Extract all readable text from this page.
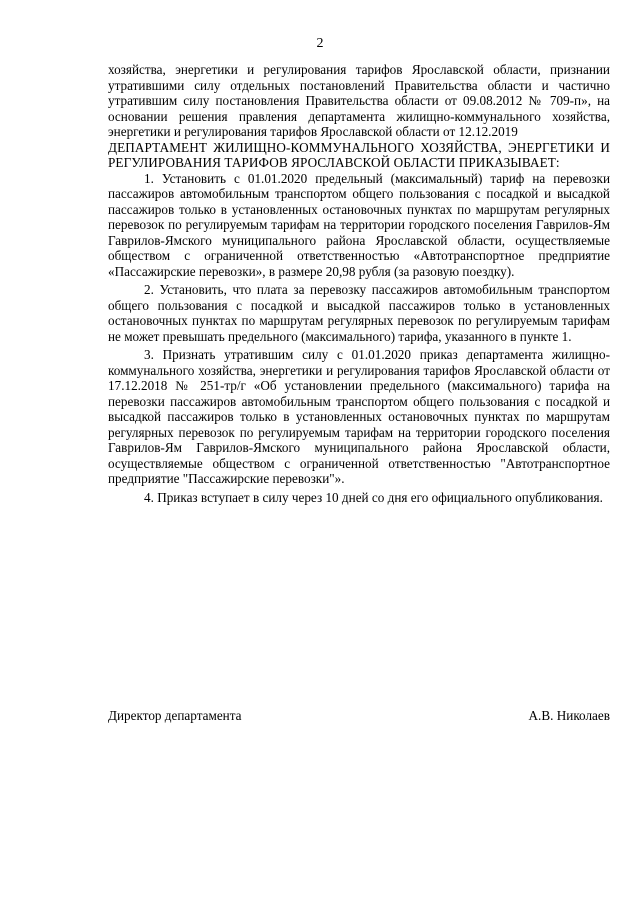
2

хозяйства, энергетики и регулирования тарифов Ярославской области, признании утратившими силу отдельных постановлений Правительства области и частично утратившим силу постановления Правительства области от 09.08.2012 № 709-п», на основании решения правления департамента жилищно-коммунального хозяйства, энергетики и регулирования тарифов Ярославской области от 12.12.2019

ДЕПАРТАМЕНТ ЖИЛИЩНО-КОММУНАЛЬНОГО ХОЗЯЙСТВА, ЭНЕРГЕТИКИ И РЕГУЛИРОВАНИЯ ТАРИФОВ ЯРОСЛАВСКОЙ ОБЛАСТИ ПРИКАЗЫВАЕТ:

1. Установить с 01.01.2020 предельный (максимальный) тариф на перевозки пассажиров автомобильным транспортом общего пользования с посадкой и высадкой пассажиров только в установленных остановочных пунктах по маршрутам регулярных перевозок по регулируемым тарифам на территории городского поселения Гаврилов-Ям Гаврилов-Ямского муниципального района Ярославской области, осуществляемые обществом с ограниченной ответственностью «Автотранспортное предприятие «Пассажирские перевозки», в размере 20,98 рубля (за разовую поездку).

2. Установить, что плата за перевозку пассажиров автомобильным транспортом общего пользования с посадкой и высадкой пассажиров только в установленных остановочных пунктах по маршрутам регулярных перевозок по регулируемым тарифам не может превышать предельного (максимального) тарифа, указанного в пункте 1.

3. Признать утратившим силу с 01.01.2020 приказ департамента жилищно-коммунального хозяйства, энергетики и регулирования тарифов Ярославской области от 17.12.2018 № 251-тр/г «Об установлении предельного (максимального) тарифа на перевозки пассажиров автомобильным транспортом общего пользования с посадкой и высадкой пассажиров только в установленных остановочных пунктах по маршрутам регулярных перевозок по регулируемым тарифам на территории городского поселения Гаврилов-Ям Гаврилов-Ямского муниципального района Ярославской области, осуществляемые обществом с ограниченной ответственностью "Автотранспортное предприятие "Пассажирские перевозки"».

4. Приказ вступает в силу через 10 дней со дня его официального опубликования.

Директор департамента	А.В. Николаев
